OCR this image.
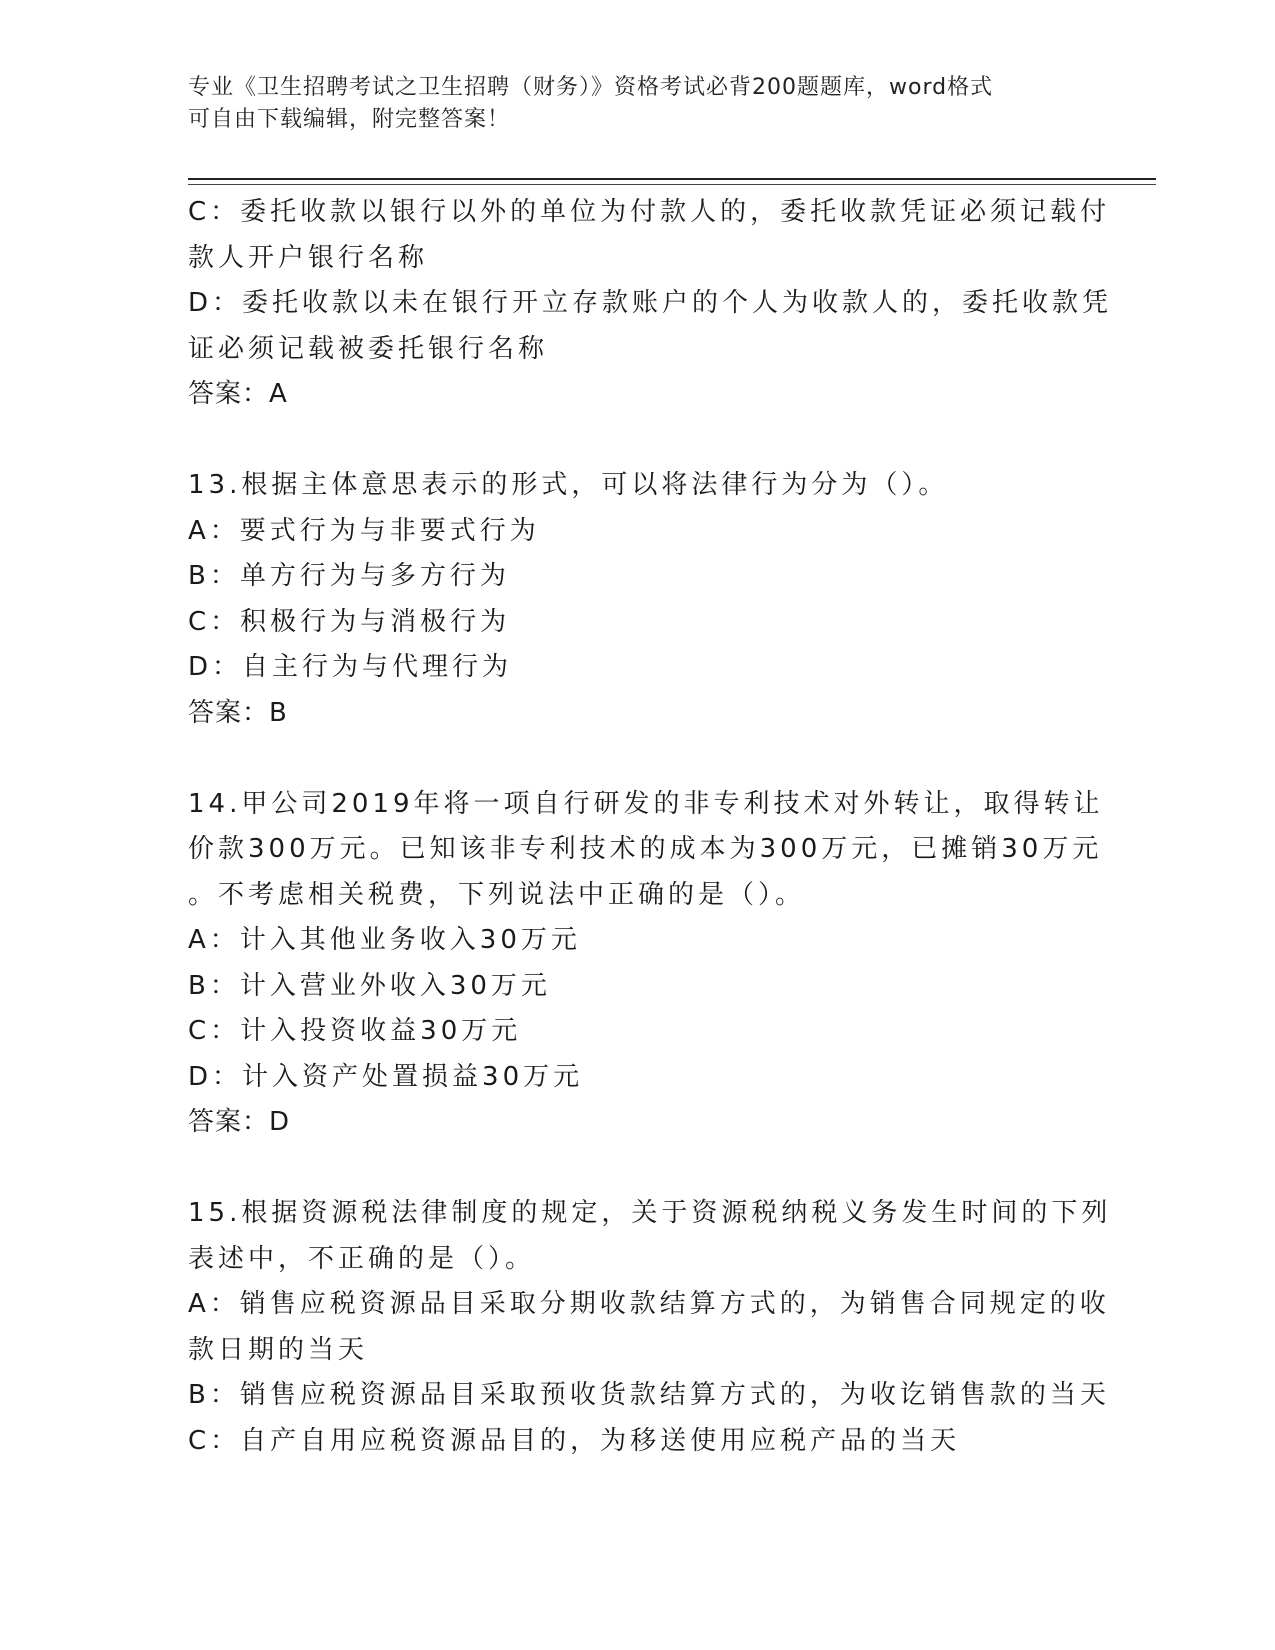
专业《卫生招聘考试之卫生招聘（财务）》资格考试必背200题题库，word格式
可自由下载编辑，附完整答案！
C：委托收款以银行以外的单位为付款人的，委托收款凭证必须记载付
款人开户银行名称
D：委托收款以未在银行开立存款账户的个人为收款人的，委托收款凭
证必须记载被委托银行名称
答案：A
13.根据主体意思表示的形式，可以将法律行为分为（）。
A：要式行为与非要式行为
B：单方行为与多方行为
C：积极行为与消极行为
D：自主行为与代理行为
答案：B
14.甲公司2019年将一项自行研发的非专利技术对外转让，取得转让
价款300万元。已知该非专利技术的成本为300万元，已摊销30万元
。不考虑相关税费，下列说法中正确的是（）。
A：计入其他业务收入30万元
B：计入营业外收入30万元
C：计入投资收益30万元
D：计入资产处置损益30万元
答案：D
15.根据资源税法律制度的规定，关于资源税纳税义务发生时间的下列
表述中，不正确的是（）。
A：销售应税资源品目采取分期收款结算方式的，为销售合同规定的收
款日期的当天
B：销售应税资源品目采取预收货款结算方式的，为收讫销售款的当天
C：自产自用应税资源品目的，为移送使用应税产品的当天
